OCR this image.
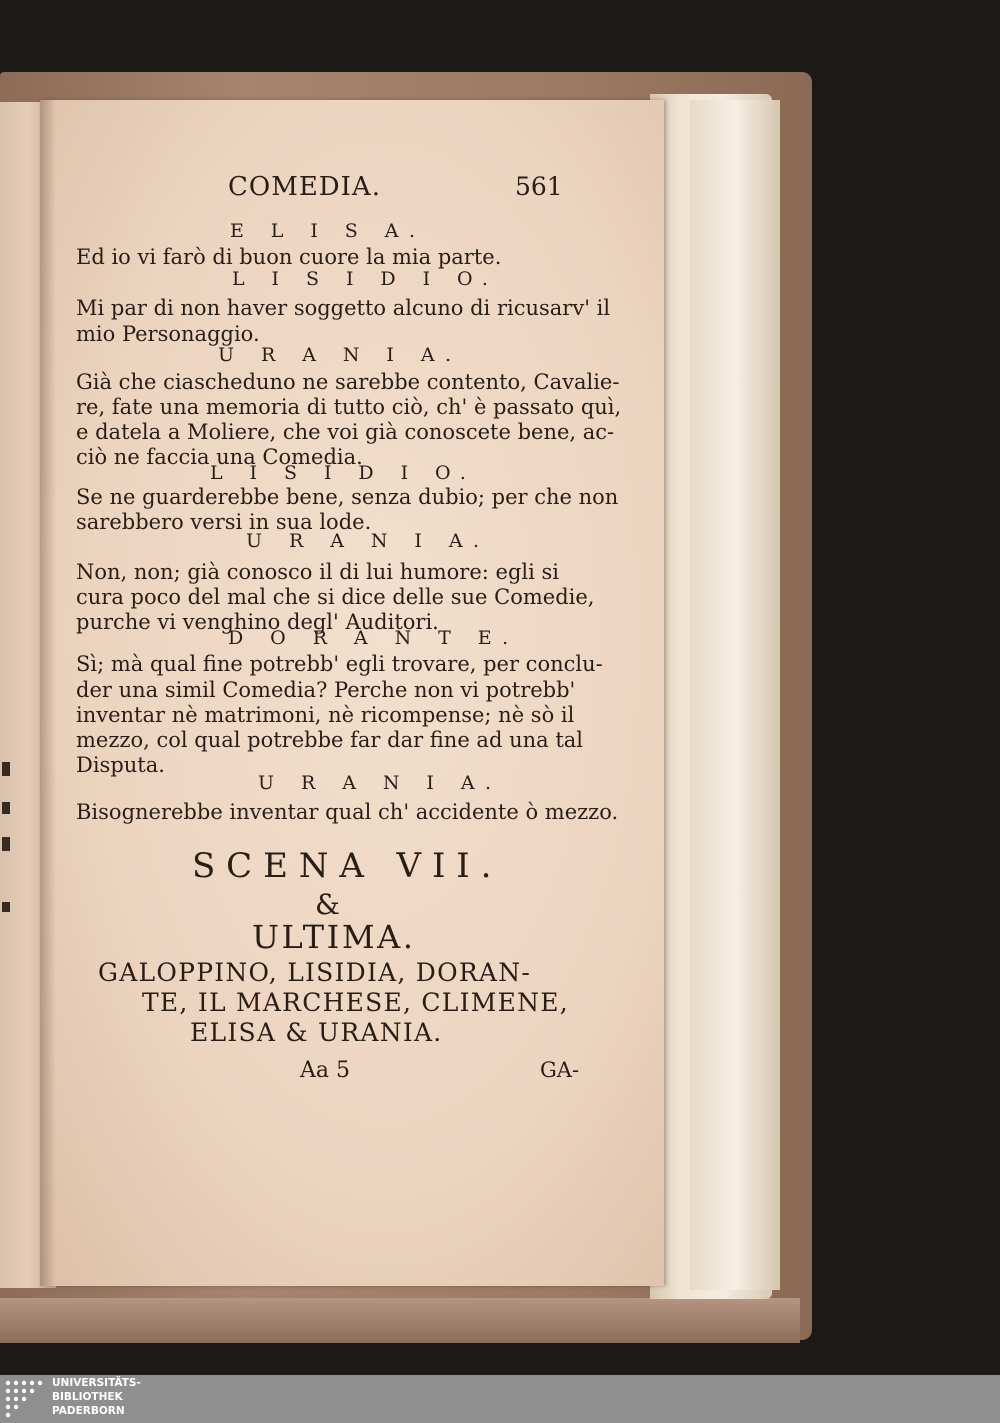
COMEDIA.	561
E L I S A.
Ed io vi farò di buon cuore la mia parte.
L I S I D I O.
Mi par di non haver soggetto alcuno di ricusarv' il
mio Personaggio.
U R A N I A.
Già che ciascheduno ne sarebbe contento, Cavalie-
re, fate una memoria di tutto ciò, ch' è passato quì,
e datela a Moliere, che voi già conoscete bene, ac-
ciò ne faccia una Comedia.
L I S I D I O.
Se ne guarderebbe bene, senza dubio; per che non
sarebbero versi in sua lode.
U R A N I A.
Non, non; già conosco il di lui humore: egli si
cura poco del mal che si dice delle sue Comedie,
purche vi venghino degl' Auditori.
D O R A N T E.
Sì; mà qual fine potrebb' egli trovare, per conclu-
der una simil Comedia? Perche non vi potrebb'
inventar nè matrimoni, nè ricompense; nè sò il
mezzo, col qual potrebbe far dar fine ad una tal
Disputa.
U R A N I A.
Bisognerebbe inventar qual ch' accidente ò mezzo.
SCENA VII.
&
ULTIMA.
GALOPPINO, LISIDIA, DORAN-
TE, IL MARCHESE, CLIMENE,
ELISA & URANIA.
Aa 5	GA-
UNIVERSITÄTS-
BIBLIOTHEK
PADERBORN
